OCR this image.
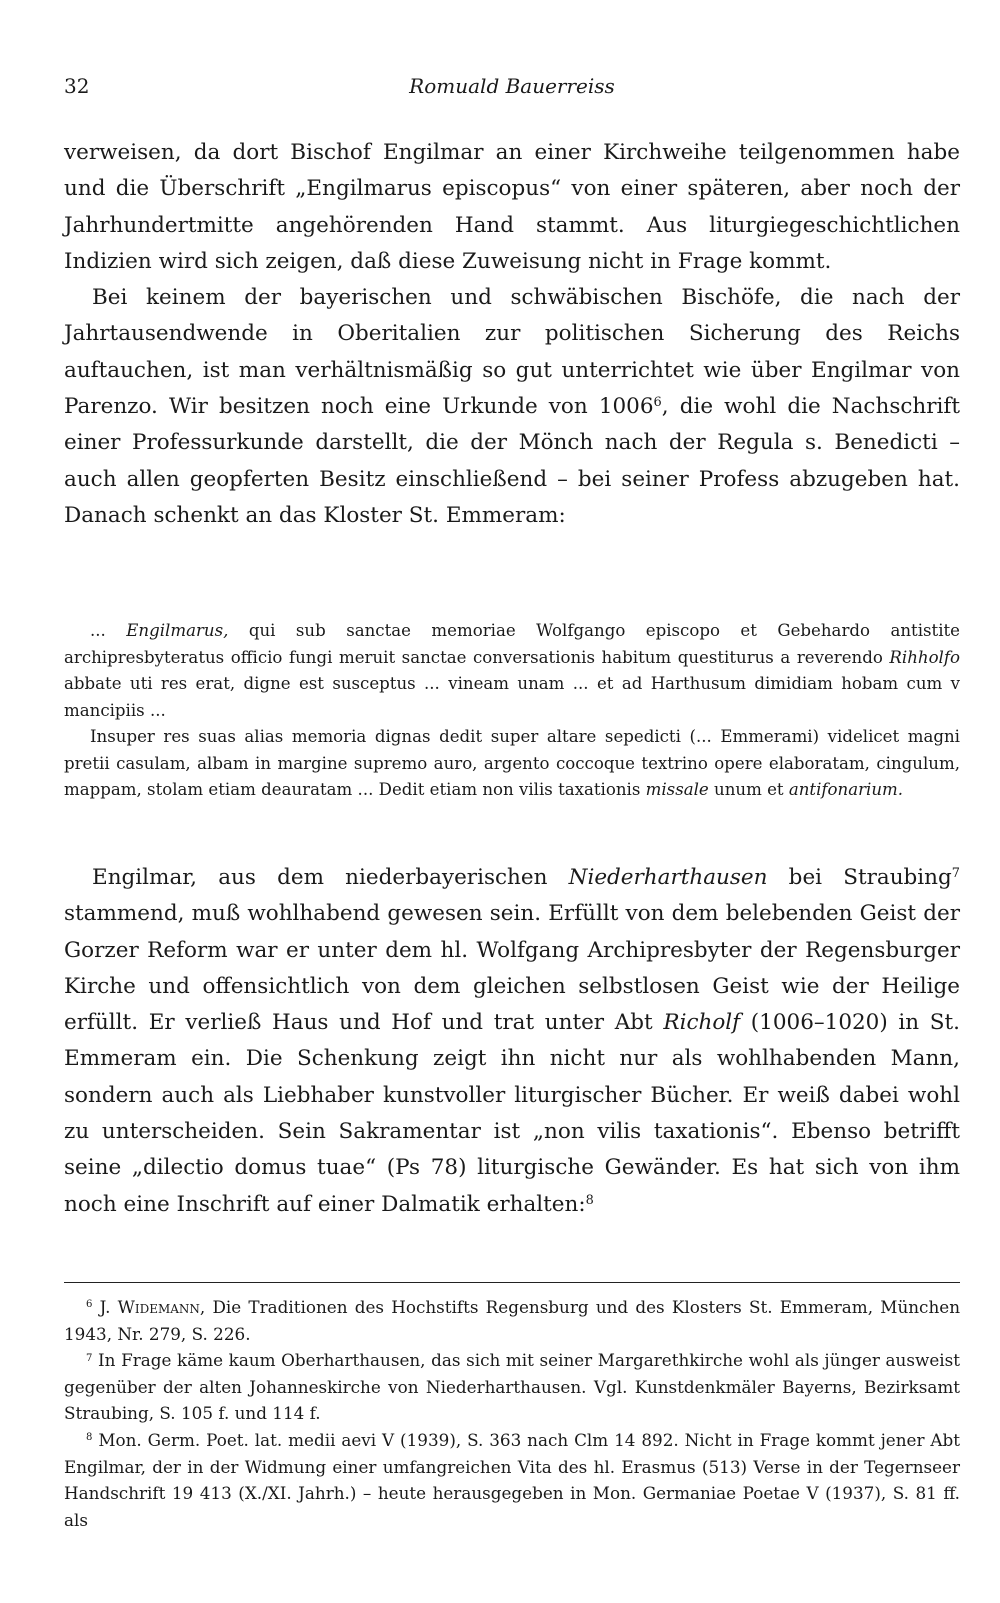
32	Romuald Bauerreiss

verweisen, da dort Bischof Engilmar an einer Kirchweihe teilgenommen habe und die Überschrift „Engilmarus episcopus“ von einer späteren, aber noch der Jahrhundertmitte angehörenden Hand stammt. Aus liturgiegeschichtlichen Indizien wird sich zeigen, daß diese Zuweisung nicht in Frage kommt.

Bei keinem der bayerischen und schwäbischen Bischöfe, die nach der Jahrtausendwende in Oberitalien zur politischen Sicherung des Reichs auftauchen, ist man verhältnismäßig so gut unterrichtet wie über Engilmar von Parenzo. Wir besitzen noch eine Urkunde von 1006$^6$, die wohl die Nachschrift einer Professurkunde darstellt, die der Mönch nach der Regula s. Benedicti – auch allen geopferten Besitz einschließend – bei seiner Profess abzugeben hat. Danach schenkt an das Kloster St. Emmeram:

... Engilmarus, qui sub sanctae memoriae Wolfgango episcopo et Gebehardo antistite archipresbyteratus officio fungi meruit sanctae conversationis habitum questiturus a reverendo Rihholfo abbate uti res erat, digne est susceptus ... vineam unam ... et ad Harthusum dimidiam hobam cum v mancipiis ...

Insuper res suas alias memoria dignas dedit super altare sepedicti (... Emmerami) videlicet magni pretii casulam, albam in margine supremo auro, argento coccoque textrino opere elaboratam, cingulum, mappam, stolam etiam deauratam ... Dedit etiam non vilis taxationis missale unum et antifonarium.

Engilmar, aus dem niederbayerischen Niederharthausen bei Straubing$^7$ stammend, muß wohlhabend gewesen sein. Erfüllt von dem belebenden Geist der Gorzer Reform war er unter dem hl. Wolfgang Archipresbyter der Regensburger Kirche und offensichtlich von dem gleichen selbstlosen Geist wie der Heilige erfüllt. Er verließ Haus und Hof und trat unter Abt Richolf (1006–1020) in St. Emmeram ein. Die Schenkung zeigt ihn nicht nur als wohlhabenden Mann, sondern auch als Liebhaber kunstvoller liturgischer Bücher. Er weiß dabei wohl zu unterscheiden. Sein Sakramentar ist „non vilis taxationis“. Ebenso betrifft seine „dilectio domus tuae“ (Ps 78) liturgische Gewänder. Es hat sich von ihm noch eine Inschrift auf einer Dalmatik erhalten:$^8$

$^6$ J. Widemann, Die Traditionen des Hochstifts Regensburg und des Klosters St. Emmeram, München 1943, Nr. 279, S. 226.

$^7$ In Frage käme kaum Oberharthausen, das sich mit seiner Margarethkirche wohl als jünger ausweist gegenüber der alten Johanneskirche von Niederharthausen. Vgl. Kunstdenkmäler Bayerns, Bezirksamt Straubing, S. 105 f. und 114 f.

$^8$ Mon. Germ. Poet. lat. medii aevi V (1939), S. 363 nach Clm 14 892. Nicht in Frage kommt jener Abt Engilmar, der in der Widmung einer umfangreichen Vita des hl. Erasmus (513) Verse in der Tegernseer Handschrift 19 413 (X./XI. Jahrh.) – heute herausgegeben in Mon. Germaniae Poetae V (1937), S. 81 ff. als
